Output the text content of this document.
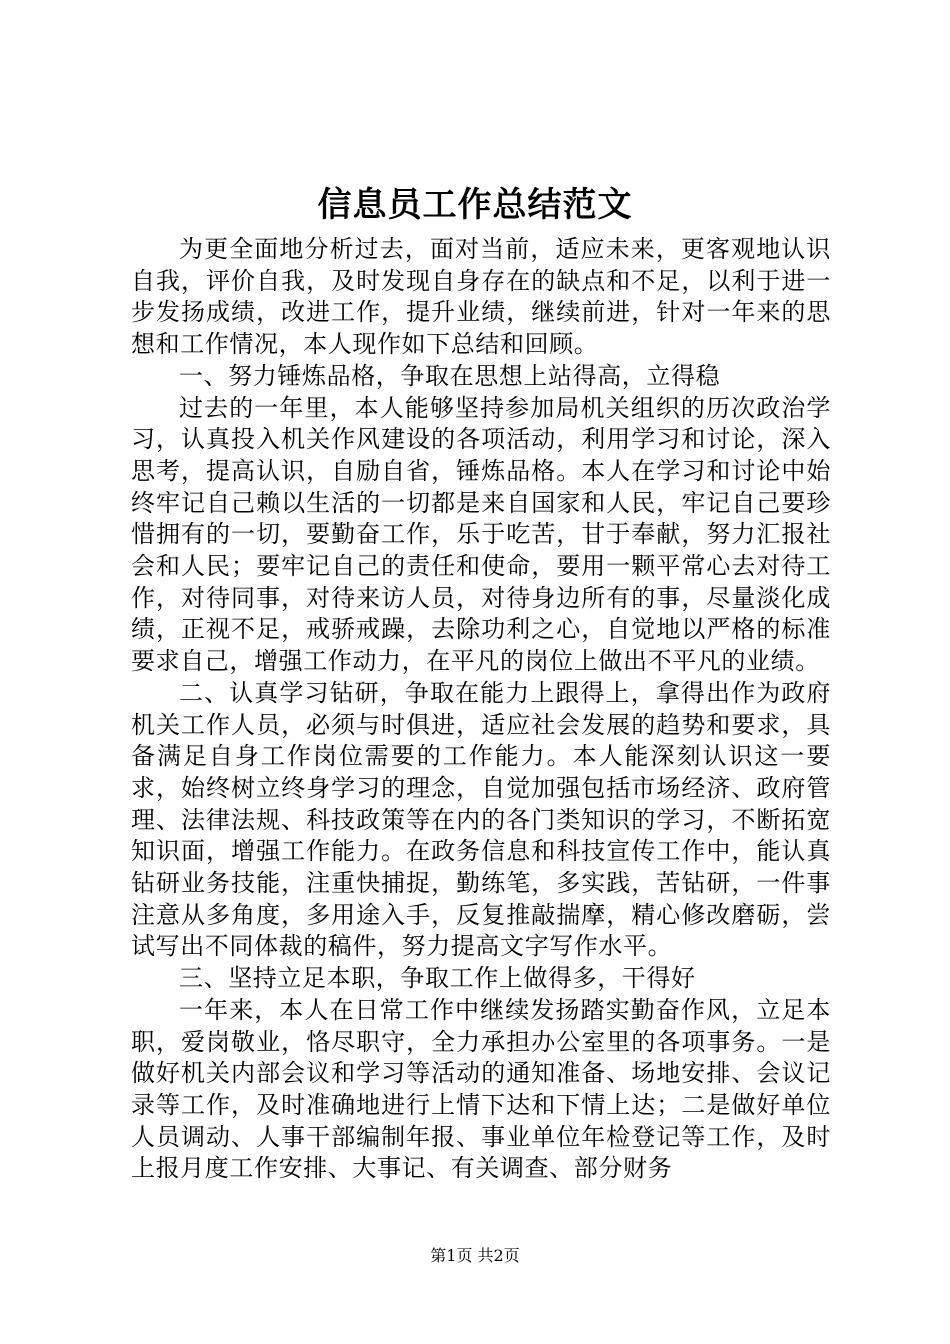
信息员工作总结范文

为更全面地分析过去，面对当前，适应未来，更客观地认识自我，评价自我，及时发现自身存在的缺点和不足，以利于进一步发扬成绩，改进工作，提升业绩，继续前进，针对一年来的思想和工作情况，本人现作如下总结和回顾。

一、努力锤炼品格，争取在思想上站得高，立得稳

过去的一年里，本人能够坚持参加局机关组织的历次政治学习，认真投入机关作风建设的各项活动，利用学习和讨论，深入思考，提高认识，自励自省，锤炼品格。本人在学习和讨论中始终牢记自己赖以生活的一切都是来自国家和人民，牢记自己要珍惜拥有的一切，要勤奋工作，乐于吃苦，甘于奉献，努力汇报社会和人民；要牢记自己的责任和使命，要用一颗平常心去对待工作，对待同事，对待来访人员，对待身边所有的事，尽量淡化成绩，正视不足，戒骄戒躁，去除功利之心，自觉地以严格的标准要求自己，增强工作动力，在平凡的岗位上做出不平凡的业绩。

二、认真学习钻研，争取在能力上跟得上，拿得出作为政府机关工作人员，必须与时俱进，适应社会发展的趋势和要求，具备满足自身工作岗位需要的工作能力。本人能深刻认识这一要求，始终树立终身学习的理念，自觉加强包括市场经济、政府管理、法律法规、科技政策等在内的各门类知识的学习，不断拓宽知识面，增强工作能力。在政务信息和科技宣传工作中，能认真钻研业务技能，注重快捕捉，勤练笔，多实践，苦钻研，一件事注意从多角度，多用途入手，反复推敲揣摩，精心修改磨砺，尝试写出不同体裁的稿件，努力提高文字写作水平。

三、坚持立足本职，争取工作上做得多，干得好

一年来，本人在日常工作中继续发扬踏实勤奋作风，立足本职，爱岗敬业，恪尽职守，全力承担办公室里的各项事务。一是做好机关内部会议和学习等活动的通知准备、场地安排、会议记录等工作，及时准确地进行上情下达和下情上达；二是做好单位人员调动、人事干部编制年报、事业单位年检登记等工作，及时上报月度工作安排、大事记、有关调查、部分财务

第1页 共2页
